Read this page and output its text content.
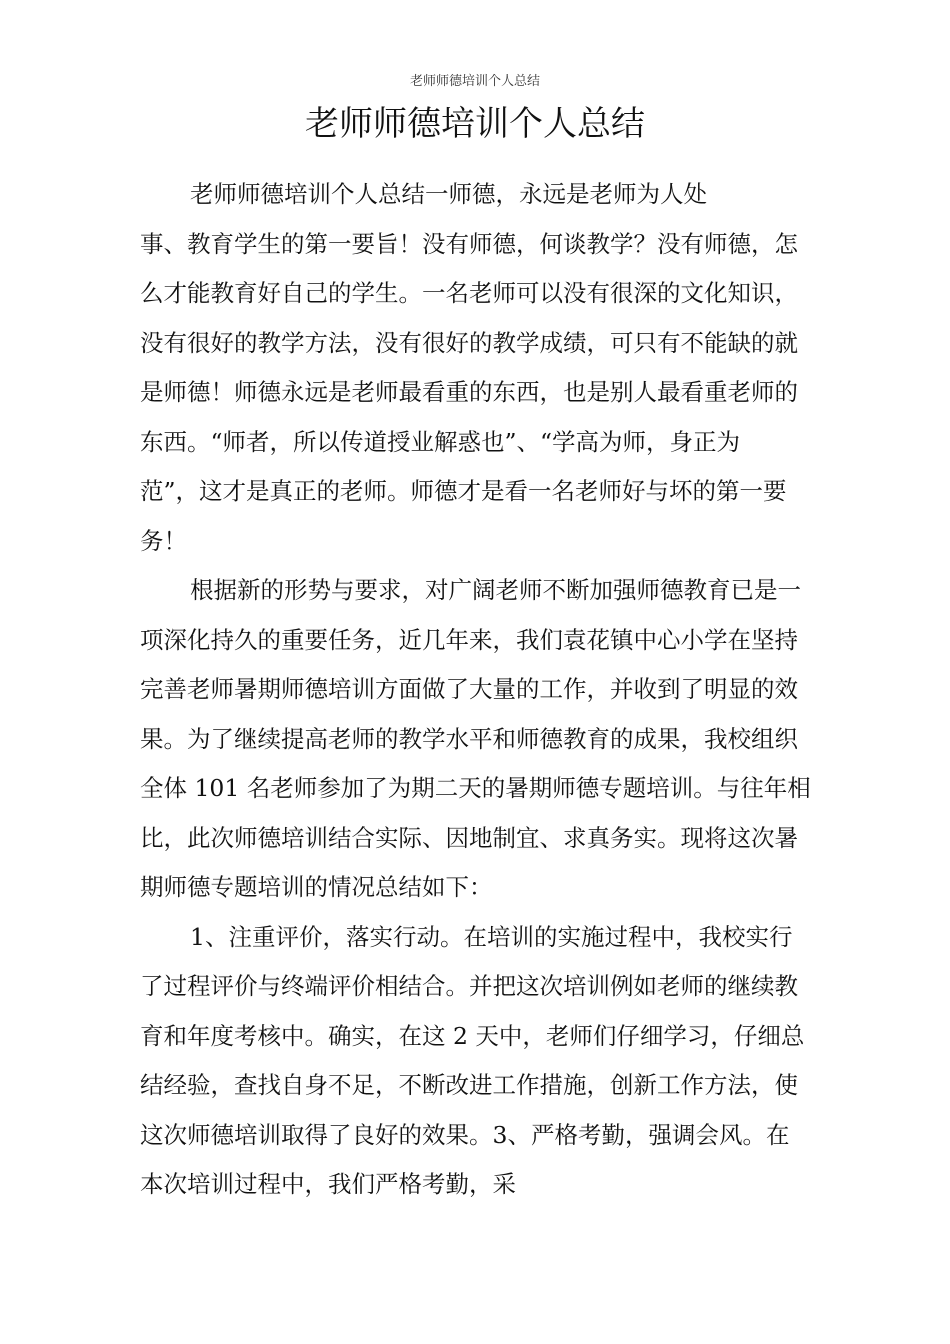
老师师德培训个人总结
老师师德培训个人总结
老师师德培训个人总结一师德，永远是老师为人处
事、教育学生的第一要旨！没有师德，何谈教学？没有师德，怎
么才能教育好自己的学生。一名老师可以没有很深的文化知识，
没有很好的教学方法，没有很好的教学成绩，可只有不能缺的就
是师德！师德永远是老师最看重的东西，也是别人最看重老师的
东西。“师者，所以传道授业解惑也”、“学高为师，身正为
范”，这才是真正的老师。师德才是看一名老师好与坏的第一要
务！
根据新的形势与要求，对广阔老师不断加强师德教育已是一
项深化持久的重要任务，近几年来，我们袁花镇中心小学在坚持
完善老师暑期师德培训方面做了大量的工作，并收到了明显的效
果。为了继续提高老师的教学水平和师德教育的成果，我校组织
全体 101 名老师参加了为期二天的暑期师德专题培训。与往年相
比，此次师德培训结合实际、因地制宜、求真务实。现将这次暑
期师德专题培训的情况总结如下：
1、注重评价，落实行动。在培训的实施过程中，我校实行
了过程评价与终端评价相结合。并把这次培训例如老师的继续教
育和年度考核中。确实，在这 2 天中，老师们仔细学习，仔细总
结经验，查找自身不足，不断改进工作措施，创新工作方法，使
这次师德培训取得了良好的效果。3、严格考勤，强调会风。在
本次培训过程中，我们严格考勤，采
